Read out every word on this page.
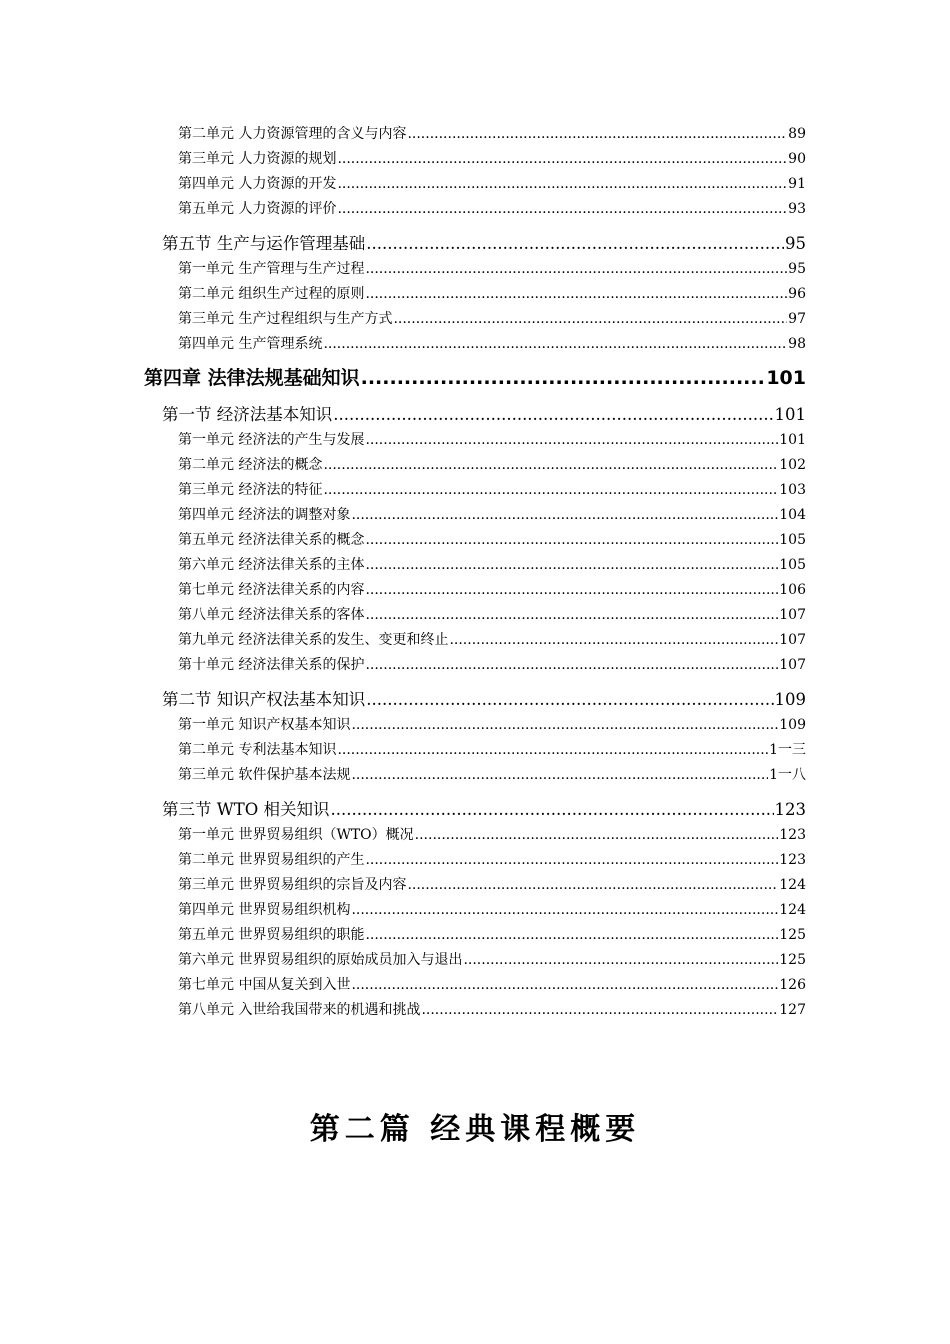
第二单元 人力资源管理的含义与内容 .....	89
第三单元 人力资源的规划 .....	90
第四单元 人力资源的开发 .....	91
第五单元 人力资源的评价 .....	93
第五节 生产与运作管理基础 .....	95
第一单元 生产管理与生产过程 .....	95
第二单元 组织生产过程的原则 .....	96
第三单元 生产过程组织与生产方式 .....	97
第四单元 生产管理系统 .....	98
第四章 法律法规基础知识 .....	101
第一节 经济法基本知识 .....	101
第一单元 经济法的产生与发展 .....	101
第二单元 经济法的概念 .....	102
第三单元 经济法的特征 .....	103
第四单元 经济法的调整对象 .....	104
第五单元 经济法律关系的概念 .....	105
第六单元 经济法律关系的主体 .....	105
第七单元 经济法律关系的内容 .....	106
第八单元 经济法律关系的客体 .....	107
第九单元 经济法律关系的发生、变更和终止 .....	107
第十单元 经济法律关系的保护 .....	107
第二节 知识产权法基本知识 .....	109
第一单元 知识产权基本知识 .....	109
第二单元 专利法基本知识 .....	1一三
第三单元 软件保护基本法规 .....	1一八
第三节 WTO 相关知识 .....	123
第一单元 世界贸易组织（WTO）概况 .....	123
第二单元 世界贸易组织的产生 .....	123
第三单元 世界贸易组织的宗旨及内容 .....	124
第四单元 世界贸易组织机构 .....	124
第五单元 世界贸易组织的职能 .....	125
第六单元 世界贸易组织的原始成员加入与退出 .....	125
第七单元 中国从复关到入世 .....	126
第八单元 入世给我国带来的机遇和挑战 .....	127
第二篇 经典课程概要
